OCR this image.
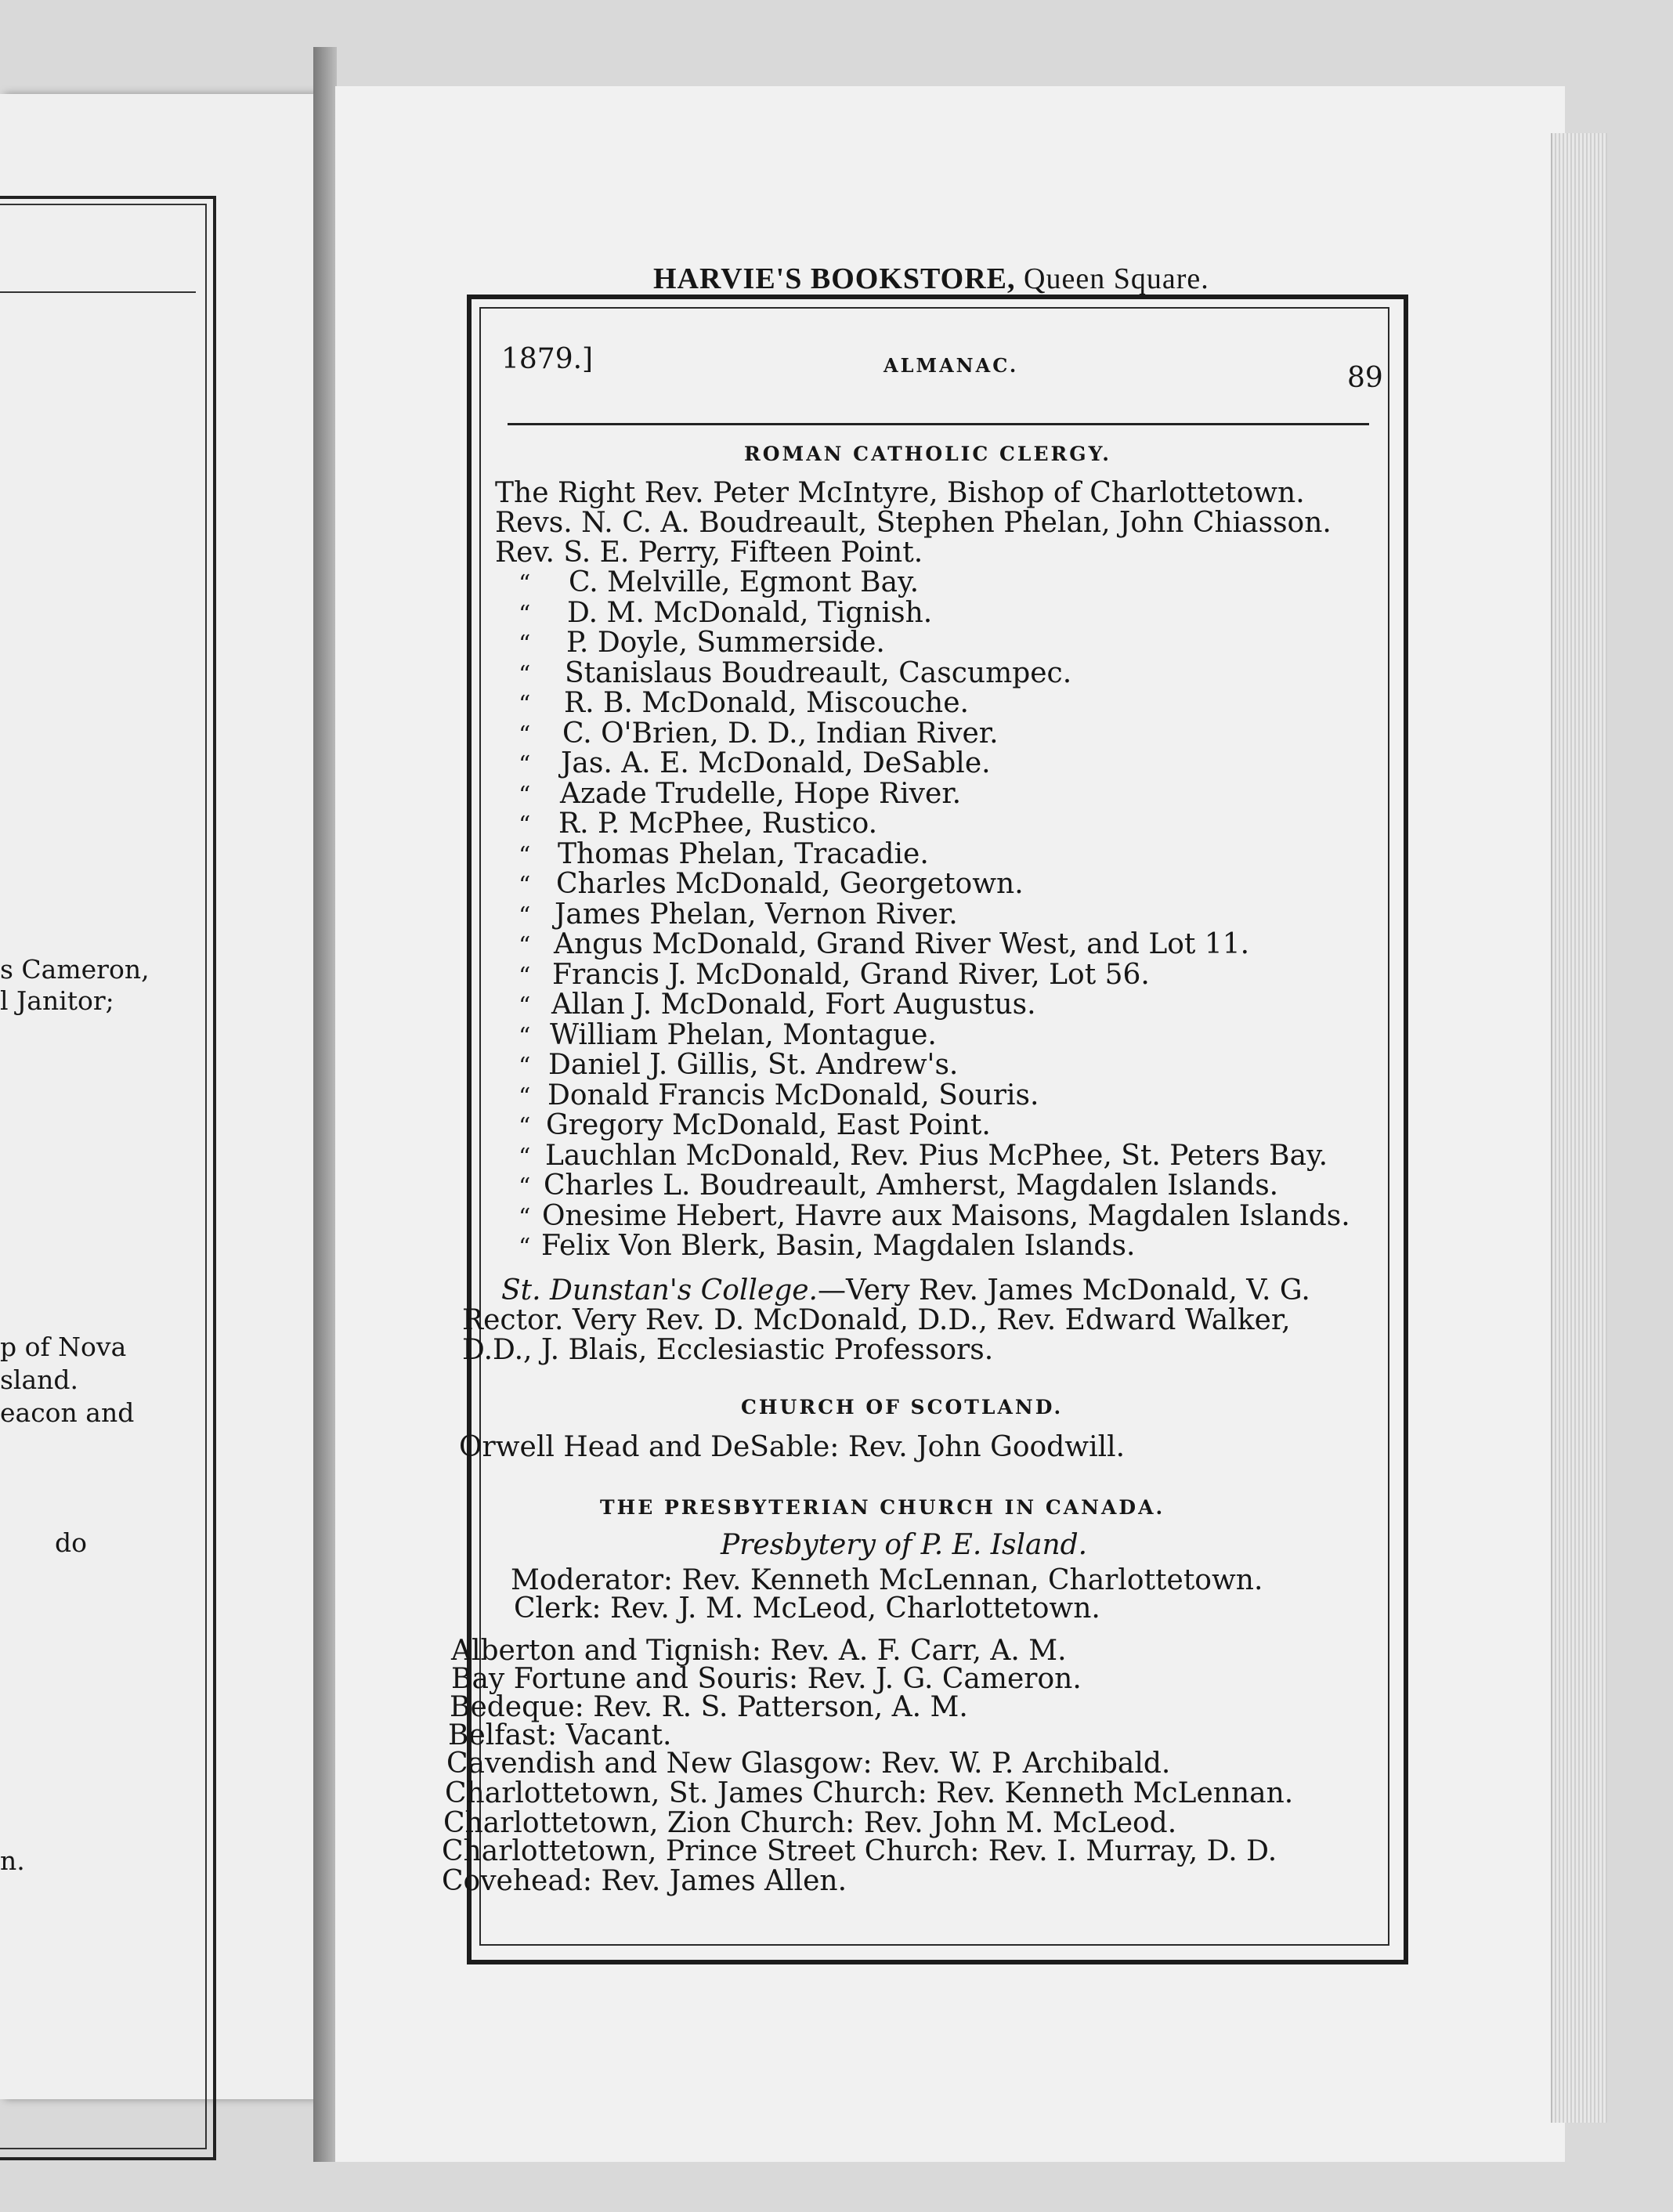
s Cameron,
l Janitor;
p of Nova
sland.
eacon and
do
n.
HARVIE'S BOOKSTORE, Queen Square.
1879.]	ALMANAC.	89
ROMAN CATHOLIC CLERGY.
The Right Rev. Peter McIntyre, Bishop of Charlottetown.
Revs. N. C. A. Boudreault, Stephen Phelan, John Chiasson.
Rev. S. E. Perry, Fifteen Point.
“ C. Melville, Egmont Bay.
“ D. M. McDonald, Tignish.
“ P. Doyle, Summerside.
“ Stanislaus Boudreault, Cascumpec.
“ R. B. McDonald, Miscouche.
“ C. O'Brien, D. D., Indian River.
“ Jas. A. E. McDonald, DeSable.
“ Azade Trudelle, Hope River.
“ R. P. McPhee, Rustico.
“ Thomas Phelan, Tracadie.
“ Charles McDonald, Georgetown.
“ James Phelan, Vernon River.
“ Angus McDonald, Grand River West, and Lot 11.
“ Francis J. McDonald, Grand River, Lot 56.
“ Allan J. McDonald, Fort Augustus.
“ William Phelan, Montague.
“ Daniel J. Gillis, St. Andrew's.
“ Donald Francis McDonald, Souris.
“ Gregory McDonald, East Point.
“ Lauchlan McDonald, Rev. Pius McPhee, St. Peters Bay.
“ Charles L. Boudreault, Amherst, Magdalen Islands.
“ Onesime Hebert, Havre aux Maisons, Magdalen Islands.
“ Felix Von Blerk, Basin, Magdalen Islands.
St. Dunstan's College.—Very Rev. James McDonald, V. G.
Rector. Very Rev. D. McDonald, D.D., Rev. Edward Walker,
D.D., J. Blais, Ecclesiastic Professors.
CHURCH OF SCOTLAND.
Orwell Head and DeSable: Rev. John Goodwill.
THE PRESBYTERIAN CHURCH IN CANADA.
Presbytery of P. E. Island.
Moderator: Rev. Kenneth McLennan, Charlottetown.
Clerk: Rev. J. M. McLeod, Charlottetown.
Alberton and Tignish: Rev. A. F. Carr, A. M.
Bay Fortune and Souris: Rev. J. G. Cameron.
Bedeque: Rev. R. S. Patterson, A. M.
Belfast: Vacant.
Cavendish and New Glasgow: Rev. W. P. Archibald.
Charlottetown, St. James Church: Rev. Kenneth McLennan.
Charlottetown, Zion Church: Rev. John M. McLeod.
Charlottetown, Prince Street Church: Rev. I. Murray, D. D.
Covehead: Rev. James Allen.
